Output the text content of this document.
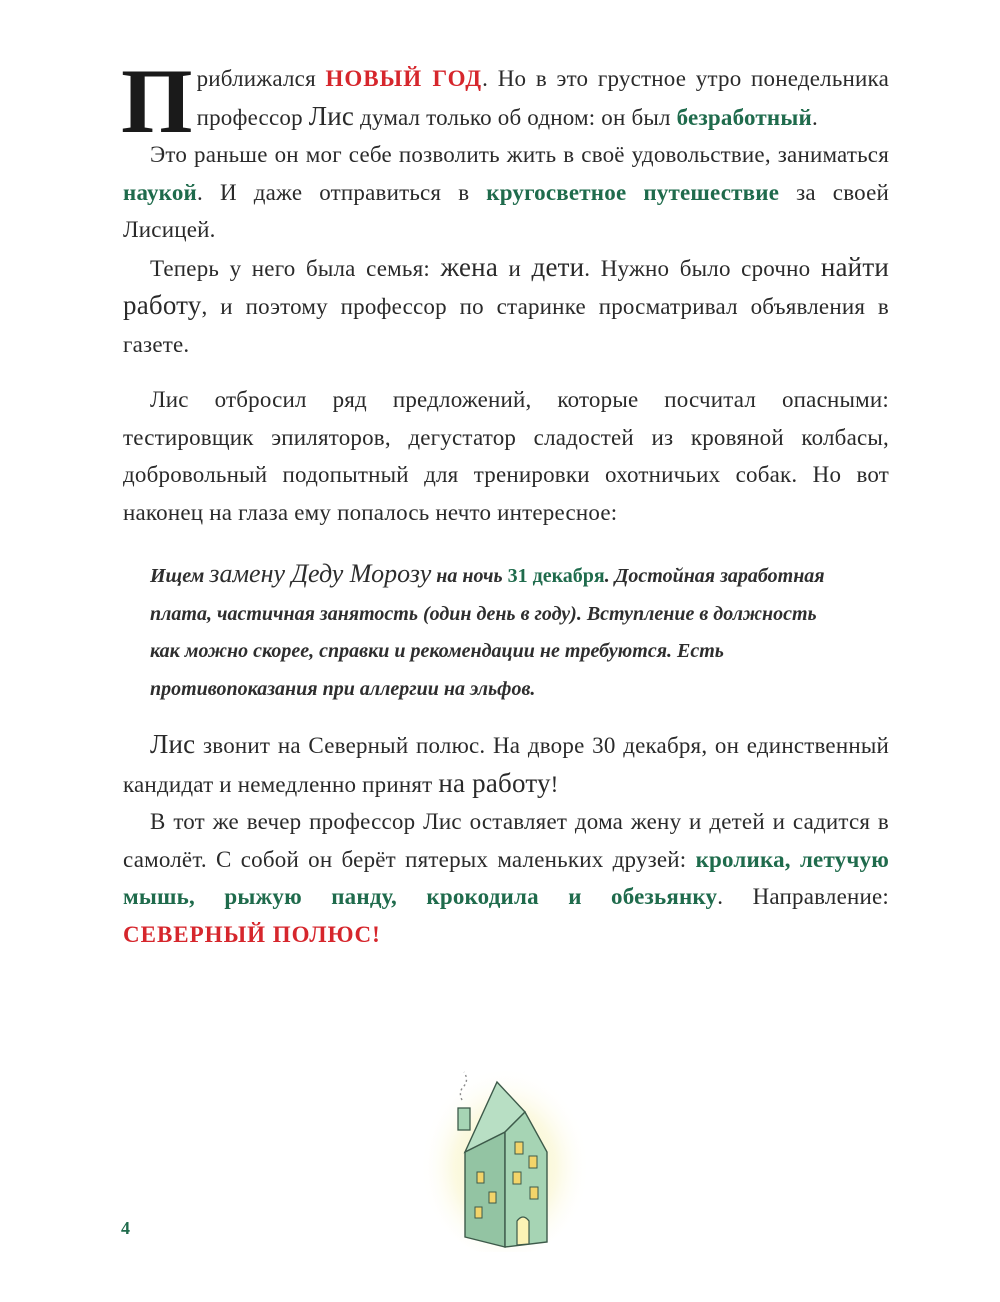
Приближался НОВЫЙ ГОД. Но в это грустное утро понедельника профессор Лис думал только об одном: он был безработный.

Это раньше он мог себе позволить жить в своё удовольствие, заниматься наукой. И даже отправиться в кругосветное путешествие за своей Лисицей.

Теперь у него была семья: жена и дети. Нужно было срочно найти работу, и поэтому профессор по старинке просматривал объявления в газете.

Лис отбросил ряд предложений, которые посчитал опасными: тестировщик эпиляторов, дегустатор сладостей из кровяной колбасы, добровольный подопытный для тренировки охотничьих собак. Но вот наконец на глаза ему попалось нечто интересное:

Ищем замену Деду Морозу на ночь 31 декабря. Достойная заработная плата, частичная занятость (один день в году). Вступление в должность как можно скорее, справки и рекомендации не требуются. Есть противопоказания при аллергии на эльфов.

Лис звонит на Северный полюс. На дворе 30 декабря, он единственный кандидат и немедленно принят на работу!

В тот же вечер профессор Лис оставляет дома жену и детей и садится в самолёт. С собой он берёт пятерых маленьких друзей: кролика, летучую мышь, рыжую панду, крокодила и обезьянку. Направление: СЕВЕРНЫЙ ПОЛЮС!

4
